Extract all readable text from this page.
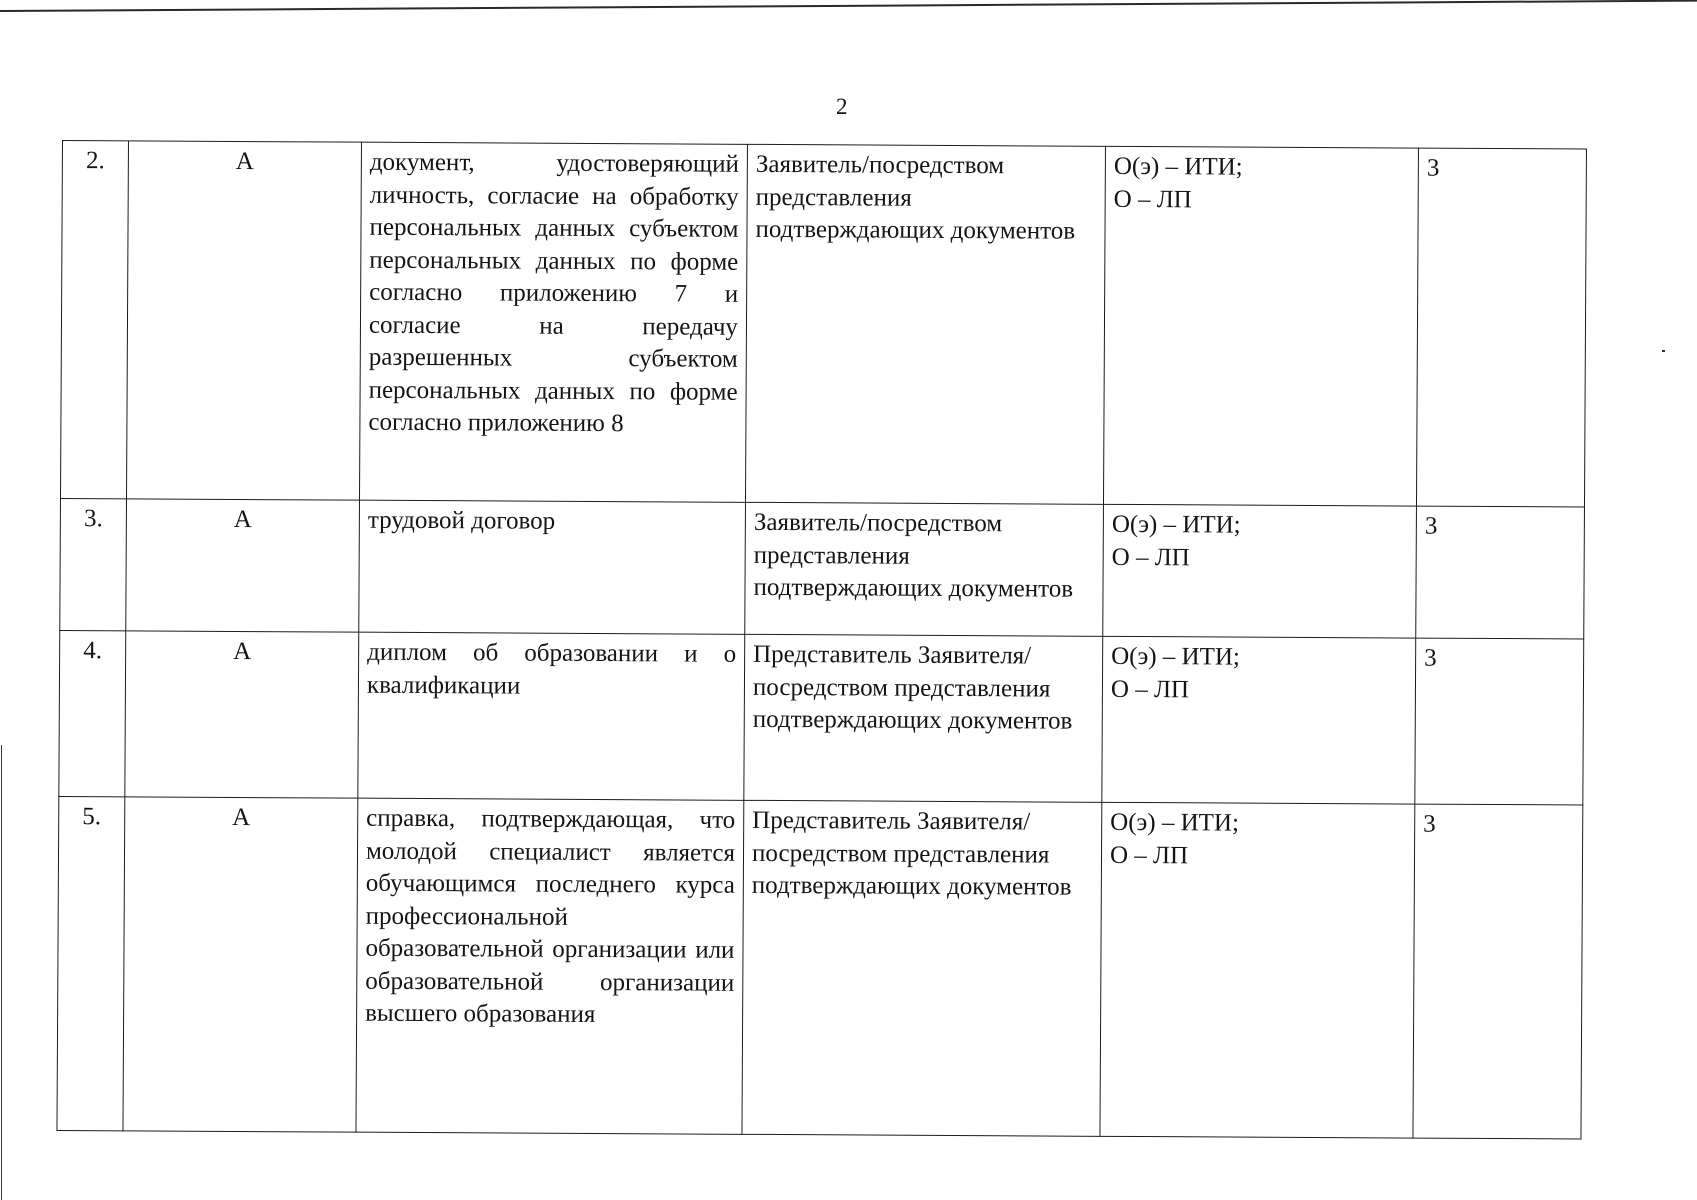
2
2.	А	документ, удостоверяющий личность, согласие на обработку персональных данных субъектом персональных данных по форме согласно приложению 7 и согласие на передачу разрешенных субъектом персональных данных по форме согласно приложению 8	Заявитель/посредством представления подтверждающих документов	О(э) – ИТИ;
О – ЛП	3
3.	А	трудовой договор	Заявитель/посредством представления подтверждающих документов	О(э) – ИТИ;
О – ЛП	3
4.	А	диплом об образовании и о квалификации	Представитель Заявителя/посредством представления подтверждающих документов	О(э) – ИТИ;
О – ЛП	3
5.	А	справка, подтверждающая, что молодой специалист является обучающимся последнего курса профессиональной образовательной организации или образовательной организации высшего образования	Представитель Заявителя/посредством представления подтверждающих документов	О(э) – ИТИ;
О – ЛП	3
